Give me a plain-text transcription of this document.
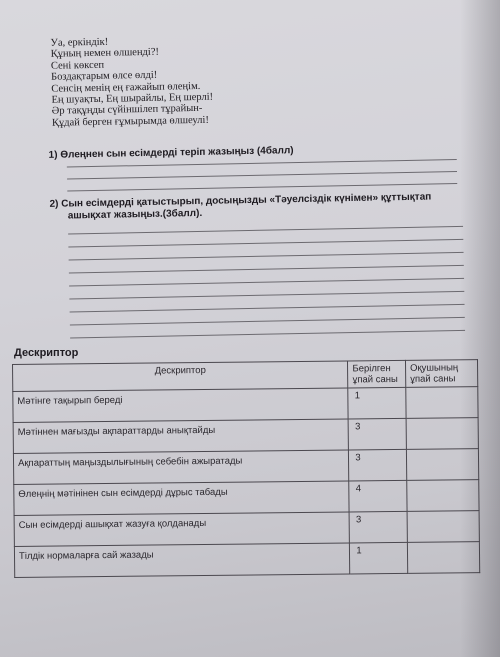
Уа, еркіндік!
Құның немен өлшенді?!
Сені көксеп
Боздақтарым өлсе өлді!
Сенсің менің ең ғажайып өлеңім.
Ең шуақты, Ең шырайлы, Ең шерлі!
Әр тақұңды сүйіншілеп тұрайын-
Құдай берген ғұмырымда өлшеулі!
1) Өлеңнен сын есімдерді теріп жазыңыз (4балл)
2) Сын есімдерді қатыстырып, досыңызды «Тәуелсіздік күнімен» құттықтап
ашықхат жазыңыз.(3балл).
Дескриптор
Дескриптор	Берілген ұпай саны	Оқушының ұпай саны
Мәтінге тақырып береді	1	
Мәтіннен мағызды ақпараттарды анықтайды	3	
Ақпараттың маңыздылығының себебін ажыратады	3	
Өлеңнің мәтінінен сын есімдерді дұрыс табады	4	
Сын есімдерді ашықхат жазуға қолданады	3	
Тілдік нормаларға сай жазады	1	
